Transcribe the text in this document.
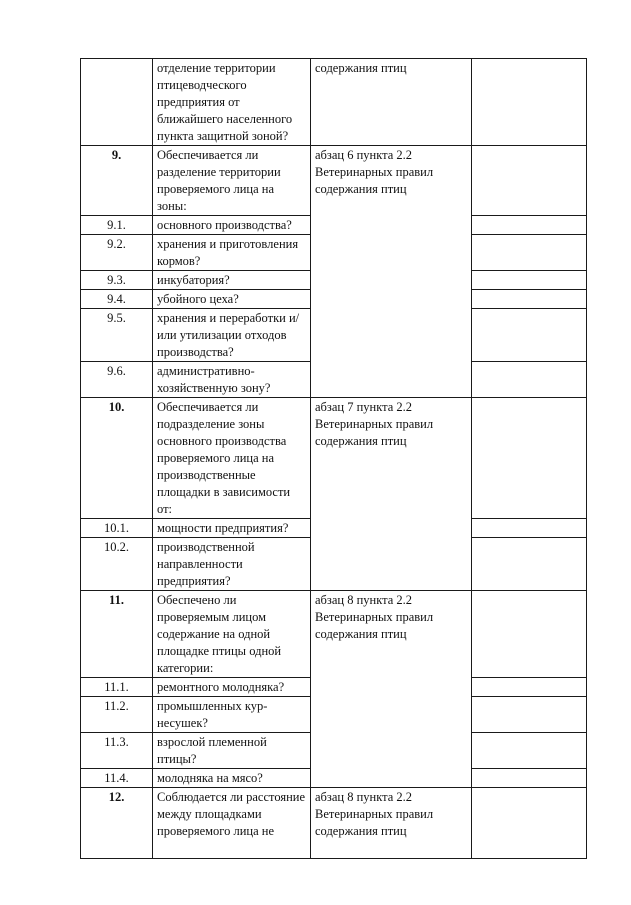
	отделение территории птицеводческого предприятия от ближайшего населенного пункта защитной зоной?	содержания птиц	
9.	Обеспечивается ли разделение территории проверяемого лица на зоны:	абзац 6 пункта 2.2 Ветеринарных правил содержания птиц	
9.1.	основного производства?		
9.2.	хранения и приготовления кормов?		
9.3.	инкубатория?		
9.4.	убойного цеха?		
9.5.	хранения и переработки и/или утилизации отходов производства?		
9.6.	административно-хозяйственную зону?		
10.	Обеспечивается ли подразделение зоны основного производства проверяемого лица на производственные площадки в зависимости от:	абзац 7 пункта 2.2 Ветеринарных правил содержания птиц	
10.1.	мощности предприятия?		
10.2.	производственной направленности предприятия?		
11.	Обеспечено ли проверяемым лицом содержание на одной площадке птицы одной категории:	абзац 8 пункта 2.2 Ветеринарных правил содержания птиц	
11.1.	ремонтного молодняка?		
11.2.	промышленных кур-несушек?		
11.3.	взрослой племенной птицы?		
11.4.	молодняка на мясо?		
12.	Соблюдается ли расстояние между площадками проверяемого лица не	абзац 8 пункта 2.2 Ветеринарных правил содержания птиц	
